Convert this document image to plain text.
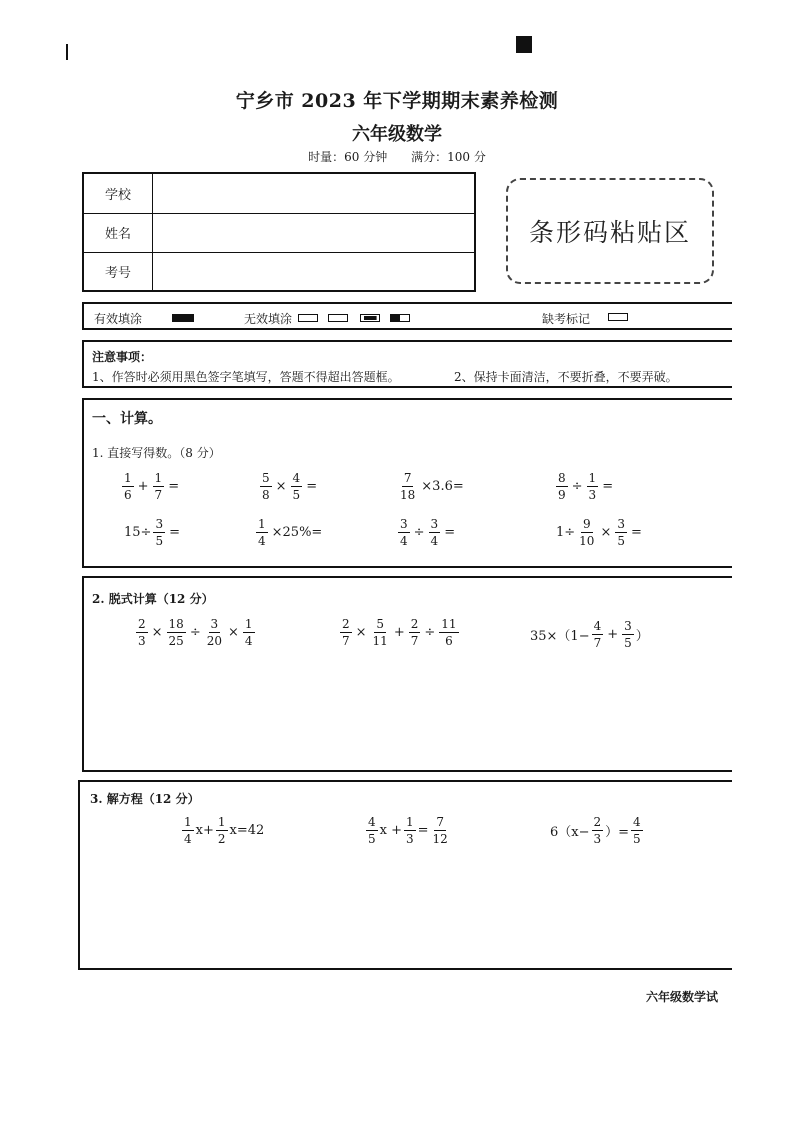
宁乡市 2023 年下学期期末素养检测
六年级数学
时量：60 分钟 满分：100 分
学校
姓名
考号
条形码粘贴区
有效填涂	无效填涂	缺考标记
注意事项：
1、作答时必须用黑色签字笔填写，答题不得超出答题框。	2、保持卡面清洁，不要折叠，不要弄破。
一、计算。
1. 直接写得数。（8 分）
$\frac{1}{6} + \frac{1}{7}$ =	$\frac{5}{8} \times \frac{4}{5}$ =	$\frac{7}{18} \times 3.6=$	$\frac{8}{9} \div \frac{1}{3}$ =
$15\div \frac{3}{5}$ =	$\frac{1}{4} \times 25\%=$	$\frac{3}{4} \div \frac{3}{4}$ =	$1\div \frac{9}{10} \times \frac{3}{5}$ =
2. 脱式计算（12 分）
$\frac{2}{3} \times \frac{18}{25} \div \frac{3}{20} \times \frac{1}{4}$	$\frac{2}{7} \times \frac{5}{11} + \frac{2}{7} \div \frac{11}{6}$	$35\times(1- \frac{4}{7} + \frac{3}{5}$ ）
3. 解方程（12 分）
$\frac{1}{4} x+ \frac{1}{2} x=42$	$\frac{4}{5}$ $x + \frac{1}{3} = \frac{7}{12}$	$6(x- \frac{2}{3}$ ）= $\frac{4}{5}$
六年级数学试
